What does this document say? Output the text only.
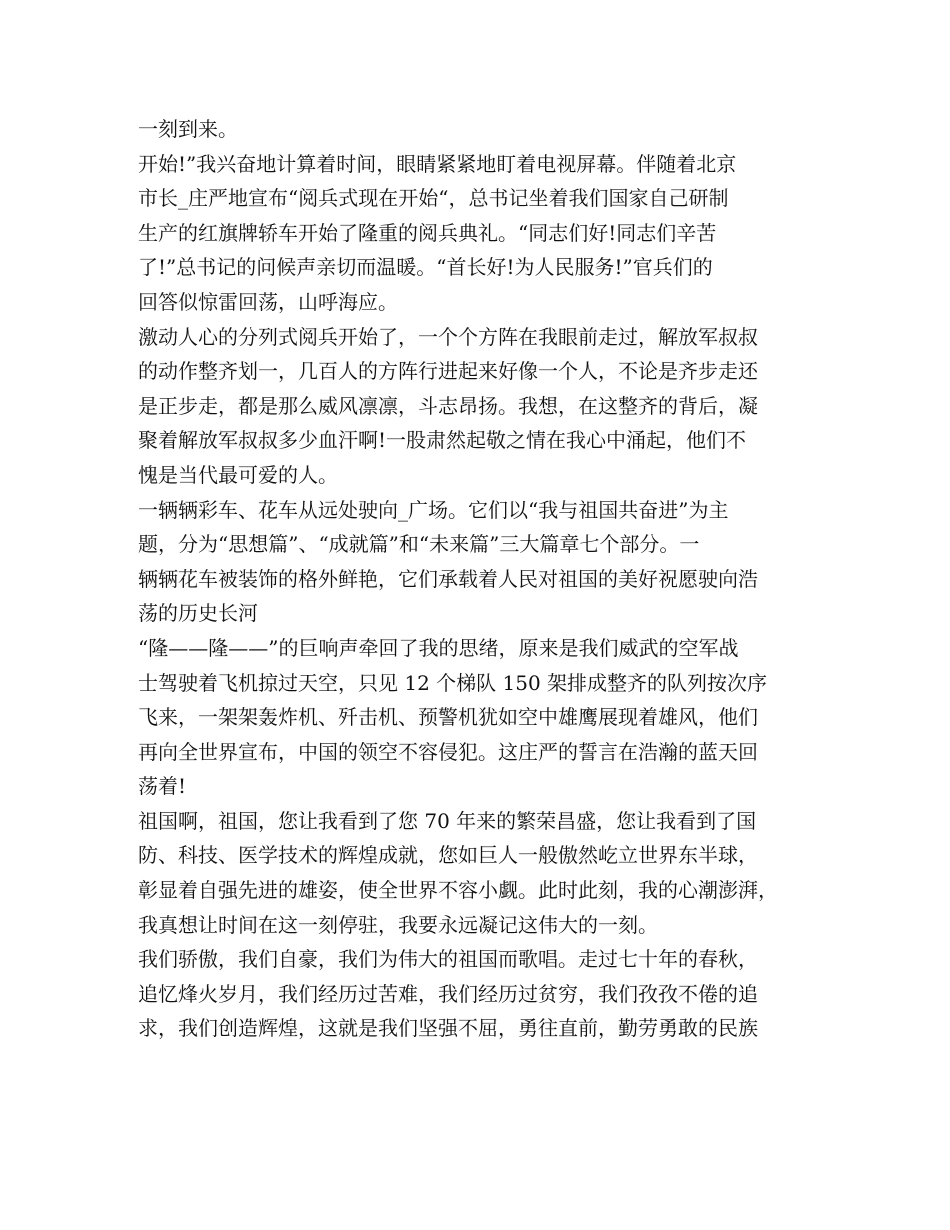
一刻到来。
开始!”我兴奋地计算着时间，眼睛紧紧地盯着电视屏幕。伴随着北京
市长_庄严地宣布“阅兵式现在开始“，总书记坐着我们国家自己研制
生产的红旗牌轿车开始了隆重的阅兵典礼。“同志们好!同志们辛苦
了!”总书记的问候声亲切而温暖。“首长好!为人民服务!”官兵们的
回答似惊雷回荡，山呼海应。
激动人心的分列式阅兵开始了，一个个方阵在我眼前走过，解放军叔叔
的动作整齐划一，几百人的方阵行进起来好像一个人，不论是齐步走还
是正步走，都是那么威风凛凛，斗志昂扬。我想，在这整齐的背后，凝
聚着解放军叔叔多少血汗啊!一股肃然起敬之情在我心中涌起，他们不
愧是当代最可爱的人。
一辆辆彩车、花车从远处驶向_广场。它们以“我与祖国共奋进”为主
题，分为“思想篇”、“成就篇”和“未来篇”三大篇章七个部分。一
辆辆花车被装饰的格外鲜艳，它们承载着人民对祖国的美好祝愿驶向浩
荡的历史长河
“隆——隆——”的巨响声牵回了我的思绪，原来是我们威武的空军战
士驾驶着飞机掠过天空，只见 12 个梯队 150 架排成整齐的队列按次序
飞来，一架架轰炸机、歼击机、预警机犹如空中雄鹰展现着雄风，他们
再向全世界宣布，中国的领空不容侵犯。这庄严的誓言在浩瀚的蓝天回
荡着!
祖国啊，祖国，您让我看到了您 70 年来的繁荣昌盛，您让我看到了国
防、科技、医学技术的辉煌成就，您如巨人一般傲然屹立世界东半球，
彰显着自强先进的雄姿，使全世界不容小觑。此时此刻，我的心潮澎湃，
我真想让时间在这一刻停驻，我要永远凝记这伟大的一刻。
我们骄傲，我们自豪，我们为伟大的祖国而歌唱。走过七十年的春秋，
追忆烽火岁月，我们经历过苦难，我们经历过贫穷，我们孜孜不倦的追
求，我们创造辉煌，这就是我们坚强不屈，勇往直前，勤劳勇敢的民族
